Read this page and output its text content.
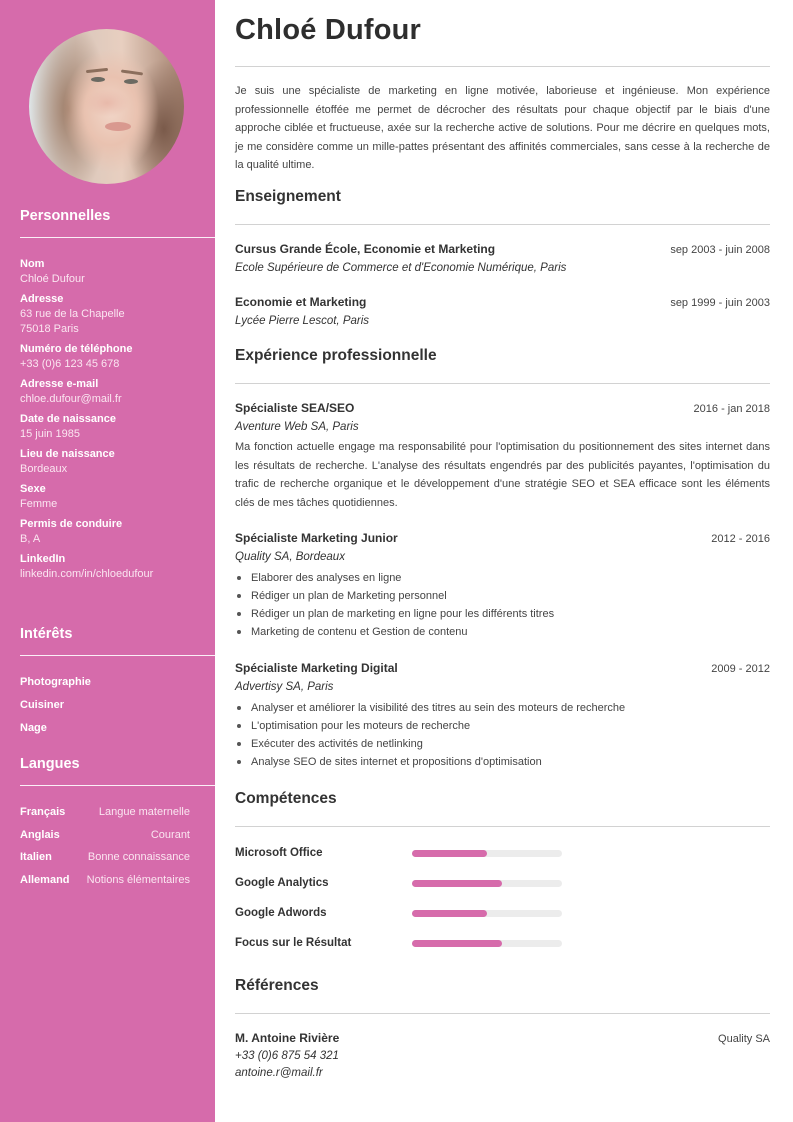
Personnelles
Nom
Chloé Dufour
Adresse
63 rue de la Chapelle
75018 Paris
Numéro de téléphone
+33 (0)6 123 45 678
Adresse e-mail
chloe.dufour@mail.fr
Date de naissance
15 juin 1985
Lieu de naissance
Bordeaux
Sexe
Femme
Permis de conduire
B, A
LinkedIn
linkedin.com/in/chloedufour
Intérêts
Photographie
Cuisiner
Nage
Langues
Français	Langue maternelle
Anglais	Courant
Italien	Bonne connaissance
Allemand Notions élémentaires
Chloé Dufour

Je suis une spécialiste de marketing en ligne motivée, laborieuse et ingénieuse. Mon expérience professionnelle étoffée me permet de décrocher des résultats pour chaque objectif par le biais d'une approche ciblée et fructueuse, axée sur la recherche active de solutions. Pour me décrire en quelques mots, je me considère comme un mille-pattes présentant des affinités commerciales, sans cesse à la recherche de la qualité ultime.

Enseignement
Cursus Grande École, Economie et Marketing	sep 2003 - juin 2008
Ecole Supérieure de Commerce et d'Economie Numérique, Paris
Economie et Marketing	sep 1999 - juin 2003
Lycée Pierre Lescot, Paris
Expérience professionnelle
Spécialiste SEA/SEO	2016 - jan 2018
Aventure Web SA, Paris

Ma fonction actuelle engage ma responsabilité pour l'optimisation du positionnement des sites internet dans les résultats de recherche. L'analyse des résultats engendrés par des publicités payantes, l'optimisation du trafic de recherche organique et le développement d'une stratégie SEO et SEA efficace sont les éléments clés de mes tâches quotidiennes.

Spécialiste Marketing Junior	2012 - 2016
Quality SA, Bordeaux
Elaborer des analyses en ligne
Rédiger un plan de Marketing personnel
Rédiger un plan de marketing en ligne pour les différents titres
Marketing de contenu et Gestion de contenu
Spécialiste Marketing Digital	2009 - 2012
Advertisy SA, Paris
Analyser et améliorer la visibilité des titres au sein des moteurs de recherche
L'optimisation pour les moteurs de recherche
Exécuter des activités de netlinking
Analyse SEO de sites internet et propositions d'optimisation
Compétences
Microsoft Office
Google Analytics
Google Adwords
Focus sur le Résultat
Références
M. Antoine Rivière	Quality SA
+33 (0)6 875 54 321
antoine.r@mail.fr
